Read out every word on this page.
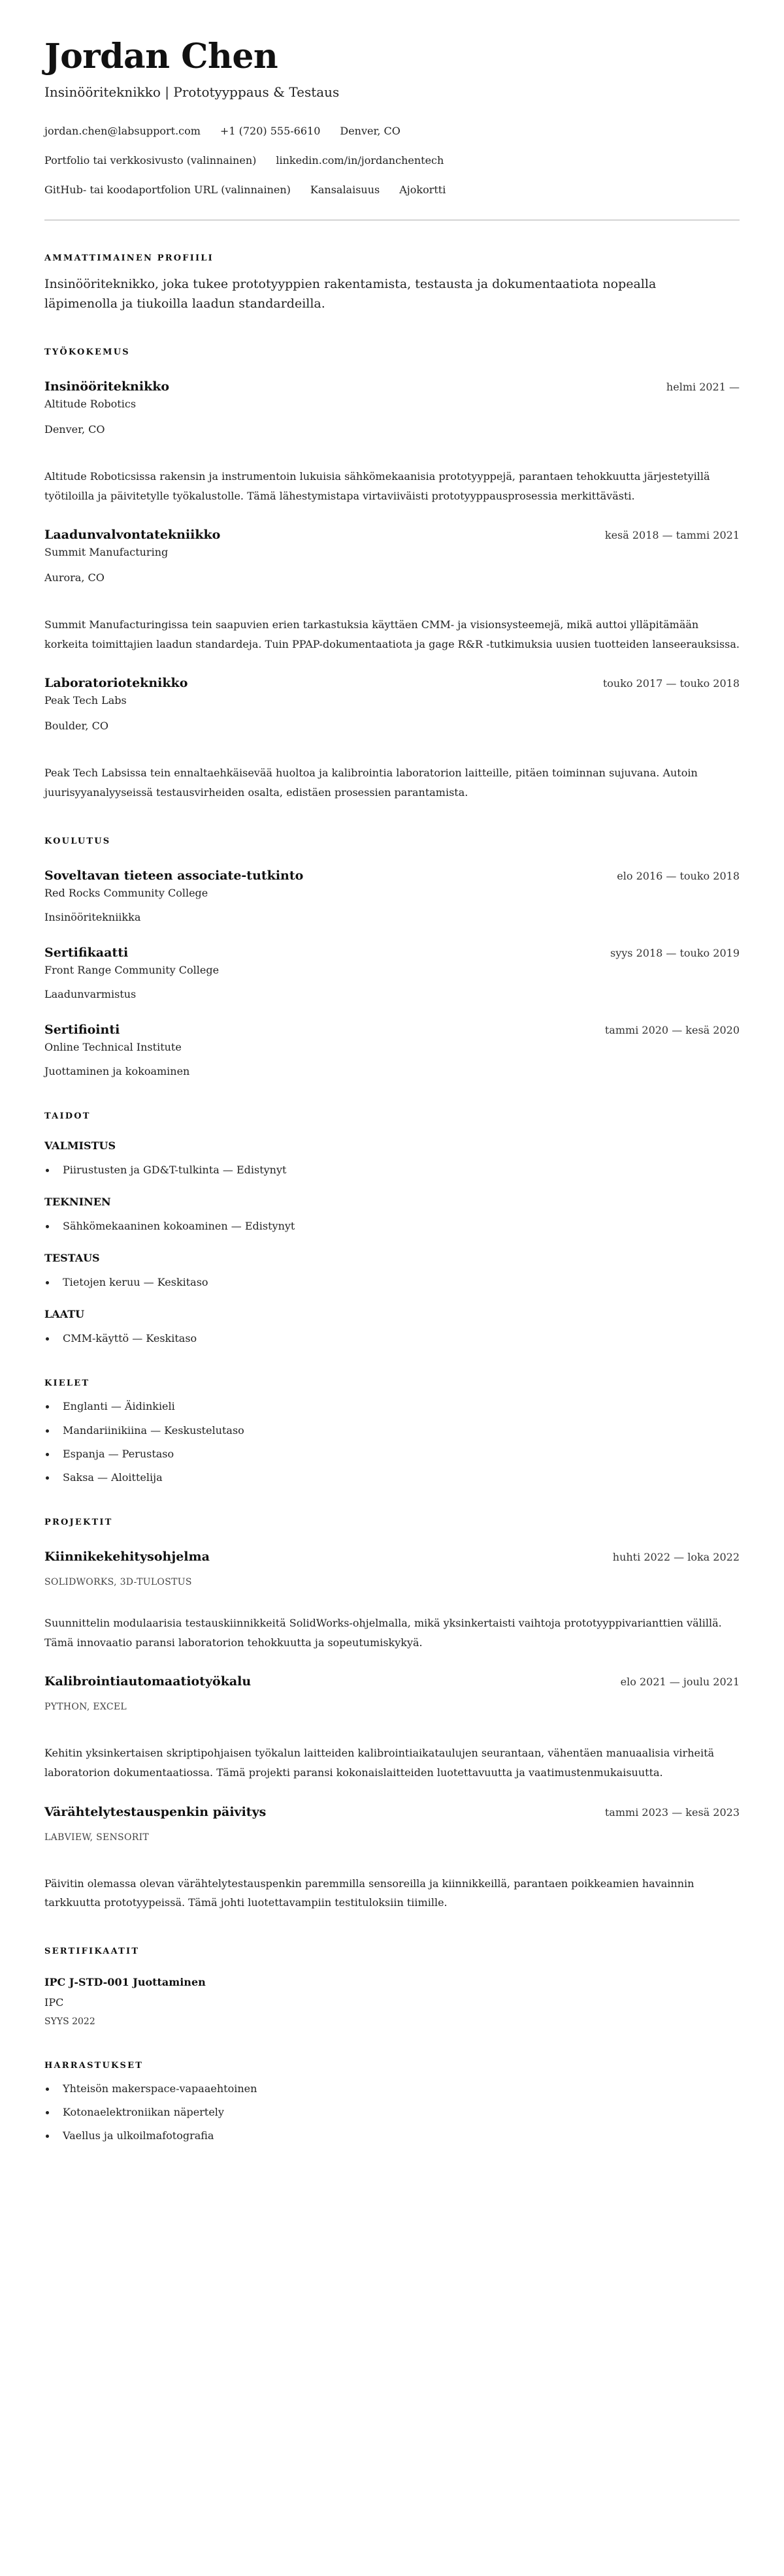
Jordan Chen
Insinööriteknikko | Prototyyppaus & Testaus
jordan.chen@labsupport.com +1 (720) 555-6610 Denver, CO
Portfolio tai verkkosivusto (valinnainen) linkedin.com/in/jordanchentech
GitHub- tai koodaportfolion URL (valinnainen) Kansalaisuus Ajokortti
AMMATTIMAINEN PROFIILI

Insinööriteknikko, joka tukee prototyyppien rakentamista, testausta ja dokumentaatiota nopealla läpimenolla ja tiukoilla laadun standardeilla.

TYÖKOKEMUS
Insinööriteknikko	helmi 2021 —
Altitude Robotics
Denver, CO

Altitude Roboticsissa rakensin ja instrumentoin lukuisia sähkömekaanisia prototyyppejä, parantaen tehokkuutta järjestetyillä työtiloilla ja päivitetylle työkalustolle. Tämä lähestymistapa virtaviiväisti prototyyppausprosessia merkittävästi.

Laadunvalvontatekniikko	kesä 2018 — tammi 2021
Summit Manufacturing
Aurora, CO

Summit Manufacturingissa tein saapuvien erien tarkastuksia käyttäen CMM- ja visionsysteemejä, mikä auttoi ylläpitämään korkeita toimittajien laadun standardeja. Tuin PPAP-dokumentaatiota ja gage R&R -tutkimuksia uusien tuotteiden lanseerauksissa.

Laboratorioteknikko	touko 2017 — touko 2018
Peak Tech Labs
Boulder, CO

Peak Tech Labsissa tein ennaltaehkäisevää huoltoa ja kalibrointia laboratorion laitteille, pitäen toiminnan sujuvana. Autoin juurisyyanalyyseissä testausvirheiden osalta, edistäen prosessien parantamista.

KOULUTUS
Soveltavan tieteen associate-tutkinto	elo 2016 — touko 2018
Red Rocks Community College
Insinööritekniikka
Sertifikaatti	syys 2018 — touko 2019
Front Range Community College
Laadunvarmistus
Sertifiointi	tammi 2020 — kesä 2020
Online Technical Institute
Juottaminen ja kokoaminen
TAIDOT
VALMISTUS
Piirustusten ja GD&T-tulkinta — Edistynyt
TEKNINEN
Sähkömekaaninen kokoaminen — Edistynyt
TESTAUS
Tietojen keruu — Keskitaso
LAATU
CMM-käyttö — Keskitaso
KIELET
Englanti — Äidinkieli
Mandariinikiina — Keskustelutaso
Espanja — Perustaso
Saksa — Aloittelija
PROJEKTIT
Kiinnikekehitysohjelma	huhti 2022 — loka 2022
SOLIDWORKS, 3D-TULOSTUS

Suunnittelin modulaarisia testauskiinnikkeitä SolidWorks-ohjelmalla, mikä yksinkertaisti vaihtoja prototyyppivarianttien välillä. Tämä innovaatio paransi laboratorion tehokkuutta ja sopeutumiskykyä.

Kalibrointiautomaatiotyökalu	elo 2021 — joulu 2021
PYTHON, EXCEL

Kehitin yksinkertaisen skriptipohjaisen työkalun laitteiden kalibrointiaikataulujen seurantaan, vähentäen manuaalisia virheitä laboratorion dokumentaatiossa. Tämä projekti paransi kokonaislaitteiden luotettavuutta ja vaatimustenmukaisuutta.

Värähtelytestauspenkin päivitys	tammi 2023 — kesä 2023
LABVIEW, SENSORIT

Päivitin olemassa olevan värähtelytestauspenkin paremmilla sensoreilla ja kiinnikkeillä, parantaen poikkeamien havainnin tarkkuutta prototyypeissä. Tämä johti luotettavampiin testituloksiin tiimille.

SERTIFIKAATIT
IPC J-STD-001 Juottaminen
IPC
SYYS 2022
HARRASTUKSET
Yhteisön makerspace-vapaaehtoinen
Kotonaelektroniikan näpertely
Vaellus ja ulkoilmafotografia
